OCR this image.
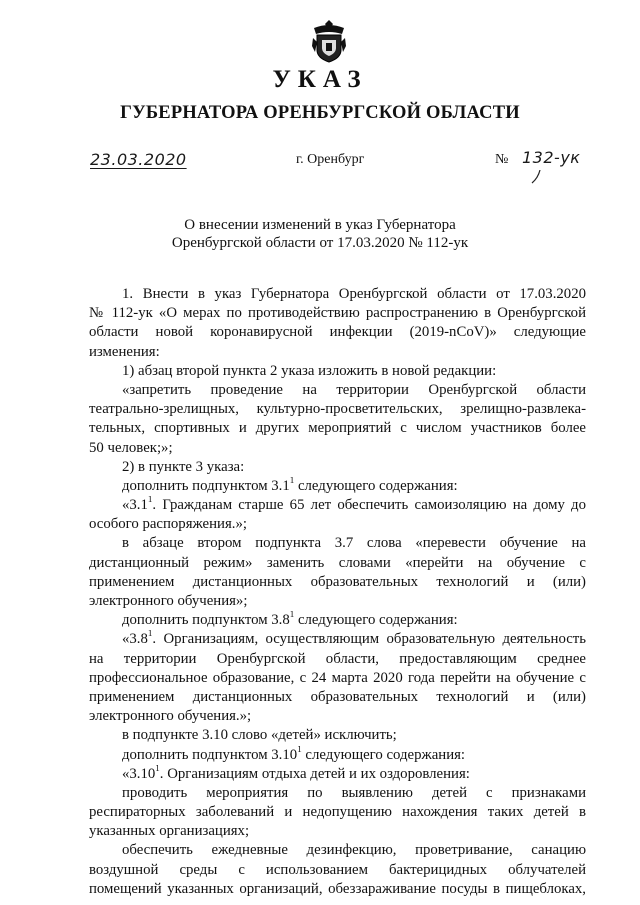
УКАЗ
ГУБЕРНАТОРА ОРЕНБУРГСКОЙ ОБЛАСТИ
23.03.2020	г. Оренбург	№ 132-ук
О внесении изменений в указ Губернатора
Оренбургской области от 17.03.2020 № 112-ук
1. Внести в указ Губернатора Оренбургской области от 17.03.2020
№ 112-ук «О мерах по противодействию распространению в Оренбургской
области новой коронавирусной инфекции (2019-nCoV)» следующие
изменения:
1) абзац второй пункта 2 указа изложить в новой редакции:
«запретить проведение на территории Оренбургской области
театрально-зрелищных, культурно-просветительских, зрелищно-развлека-
тельных, спортивных и других мероприятий с числом участников более
50 человек;»;
2) в пункте 3 указа:
дополнить подпунктом $3.1^1$ следующего содержания:
«$3.1^1$. Гражданам старше 65 лет обеспечить самоизоляцию на дому до
особого распоряжения.»;
в абзаце втором подпункта 3.7 слова «перевести обучение на
дистанционный режим» заменить словами «перейти на обучение с
применением дистанционных образовательных технологий и (или)
электронного обучения»;
дополнить подпунктом $3.8^1$ следующего содержания:
«$3.8^1$. Организациям, осуществляющим образовательную деятельность
на территории Оренбургской области, предоставляющим среднее
профессиональное образование, с 24 марта 2020 года перейти на обучение с
применением дистанционных образовательных технологий и (или)
электронного обучения.»;
в подпункте 3.10 слово «детей» исключить;
дополнить подпунктом 3.10$^1$ следующего содержания:
«3.10$^1$. Организациям отдыха детей и их оздоровления:
проводить мероприятия по выявлению детей с признаками
респираторных заболеваний и недопущению нахождения таких детей в
указанных организациях;
обеспечить ежедневные дезинфекцию, проветривание, санацию
воздушной среды с использованием бактерицидных облучателей
помещений указанных организаций, обеззараживание посуды в пищеблоках,
